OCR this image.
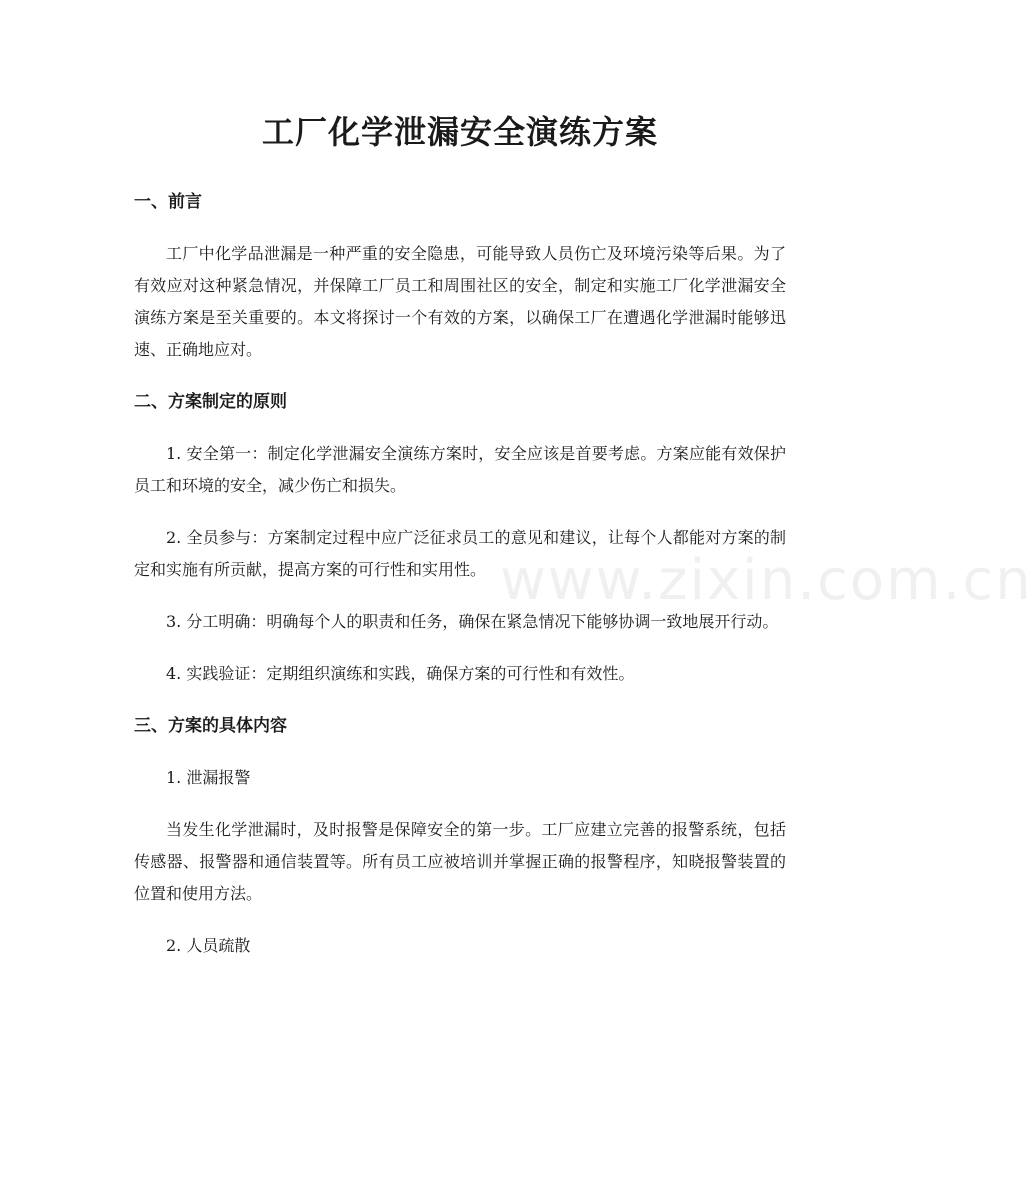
工厂化学泄漏安全演练方案
www.zixin.com.cn
一、前言

工厂中化学品泄漏是一种严重的安全隐患，可能导致人员伤亡及环境污染等后果。为了有效应对这种紧急情况，并保障工厂员工和周围社区的安全，制定和实施工厂化学泄漏安全演练方案是至关重要的。本文将探讨一个有效的方案，以确保工厂在遭遇化学泄漏时能够迅速、正确地应对。

二、方案制定的原则

1. 安全第一：制定化学泄漏安全演练方案时，安全应该是首要考虑。方案应能有效保护员工和环境的安全，减少伤亡和损失。

2. 全员参与：方案制定过程中应广泛征求员工的意见和建议，让每个人都能对方案的制定和实施有所贡献，提高方案的可行性和实用性。

3. 分工明确：明确每个人的职责和任务，确保在紧急情况下能够协调一致地展开行动。

4. 实践验证：定期组织演练和实践，确保方案的可行性和有效性。

三、方案的具体内容

1. 泄漏报警

当发生化学泄漏时，及时报警是保障安全的第一步。工厂应建立完善的报警系统，包括传感器、报警器和通信装置等。所有员工应被培训并掌握正确的报警程序，知晓报警装置的位置和使用方法。

2. 人员疏散
